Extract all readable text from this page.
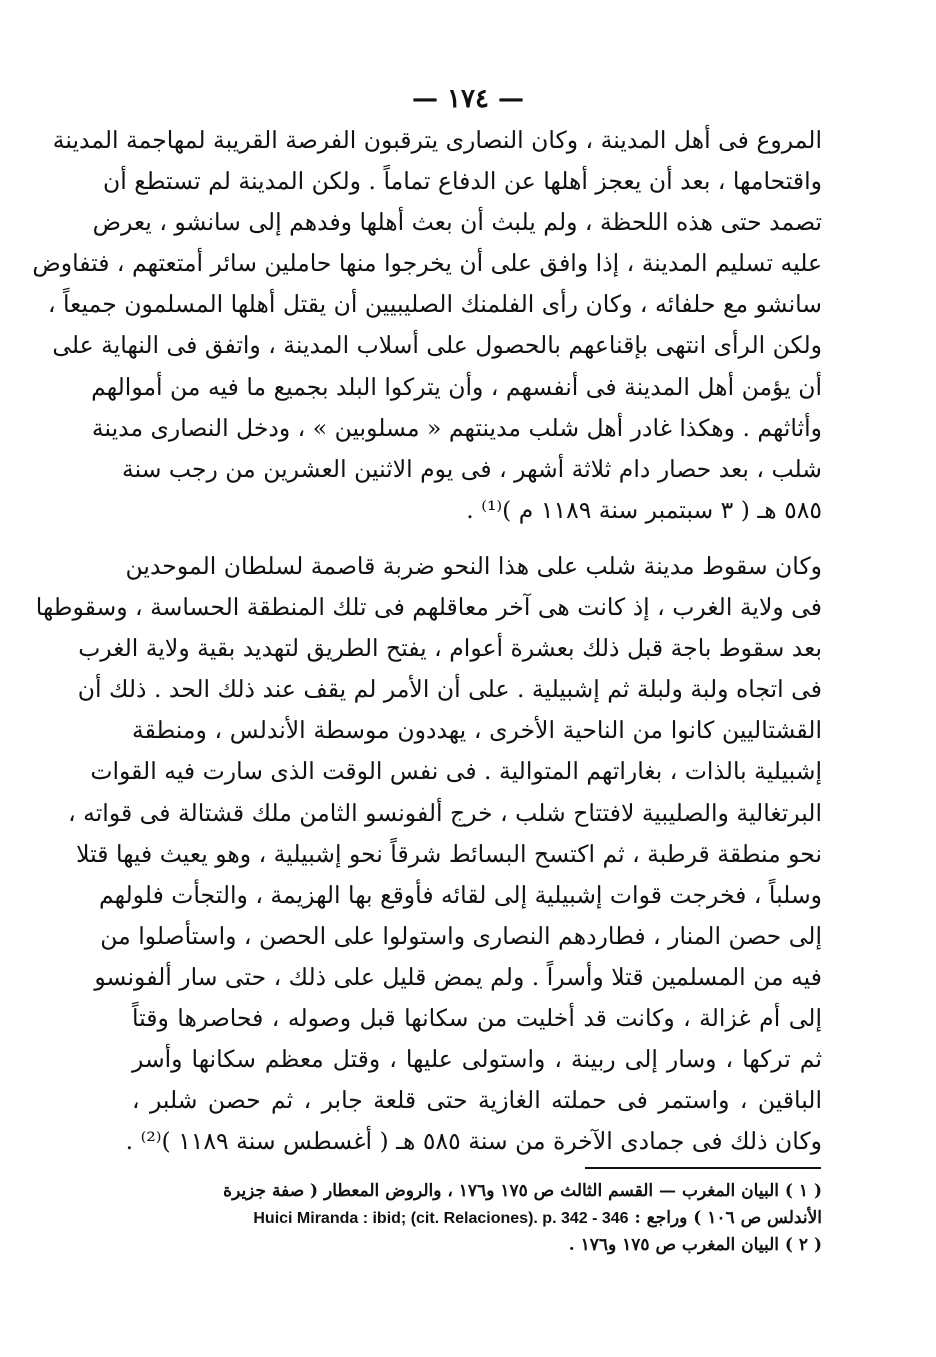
— ١٧٤ —
المروع فى أهل المدينة ، وكان النصارى يترقبون الفرصة القريبة لمهاجمة المدينة
واقتحامها ، بعد أن يعجز أهلها عن الدفاع تماماً . ولكن المدينة لم تستطع أن
تصمد حتى هذه اللحظة ، ولم يلبث أن بعث أهلها وفدهم إلى سانشو ، يعرض
عليه تسليم المدينة ، إذا وافق على أن يخرجوا منها حاملين سائر أمتعتهم ، فتفاوض
سانشو مع حلفائه ، وكان رأى الفلمنك الصليبيين أن يقتل أهلها المسلمون جميعاً ،
ولكن الرأى انتهى بإقناعهم بالحصول على أسلاب المدينة ، واتفق فى النهاية على
أن يؤمن أهل المدينة فى أنفسهم ، وأن يتركوا البلد بجميع ما فيه من أموالهم
وأثاثهم . وهكذا غادر أهل شلب مدينتهم « مسلوبين » ، ودخل النصارى مدينة
شلب ، بعد حصار دام ثلاثة أشهر ، فى يوم الاثنين العشرين من رجب سنة
٥٨٥ هـ ( ٣ سبتمبر سنة ١١٨٩ م )⁽¹⁾ .
وكان سقوط مدينة شلب على هذا النحو ضربة قاصمة لسلطان الموحدين
فى ولاية الغرب ، إذ كانت هى آخر معاقلهم فى تلك المنطقة الحساسة ، وسقوطها
بعد سقوط باجة قبل ذلك بعشرة أعوام ، يفتح الطريق لتهديد بقية ولاية الغرب
فى اتجاه ولبة ولبلة ثم إشبيلية . على أن الأمر لم يقف عند ذلك الحد . ذلك أن
القشتاليين كانوا من الناحية الأخرى ، يهددون موسطة الأندلس ، ومنطقة
إشبيلية بالذات ، بغاراتهم المتوالية . فى نفس الوقت الذى سارت فيه القوات
البرتغالية والصليبية لافتتاح شلب ، خرج ألفونسو الثامن ملك قشتالة فى قواته ،
نحو منطقة قرطبة ، ثم اكتسح البسائط شرقاً نحو إشبيلية ، وهو يعيث فيها قتلا
وسلباً ، فخرجت قوات إشبيلية إلى لقائه فأوقع بها الهزيمة ، والتجأت فلولهم
إلى حصن المنار ، فطاردهم النصارى واستولوا على الحصن ، واستأصلوا من
فيه من المسلمين قتلا وأسراً . ولم يمض قليل على ذلك ، حتى سار ألفونسو
إلى أم غزالة ، وكانت قد أخليت من سكانها قبل وصوله ، فحاصرها وقتاً
ثم تركها ، وسار إلى ربينة ، واستولى عليها ، وقتل معظم سكانها وأسر
الباقين ، واستمر فى حملته الغازية حتى قلعة جابر ، ثم حصن شلبر ،
وكان ذلك فى جمادى الآخرة من سنة ٥٨٥ هـ ( أغسطس سنة ١١٨٩ )⁽²⁾ .
( ١ ) البيان المغرب — القسم الثالث ص ١٧٥ و١٧٦ ، والروض المعطار ( صفة جزيرة
الأندلس ص ١٠٦ ) وراجع : Huici Miranda : ibid; (cit. Relaciones). p. 342 - 346
( ٢ ) البيان المغرب ص ١٧٥ و١٧٦ .
